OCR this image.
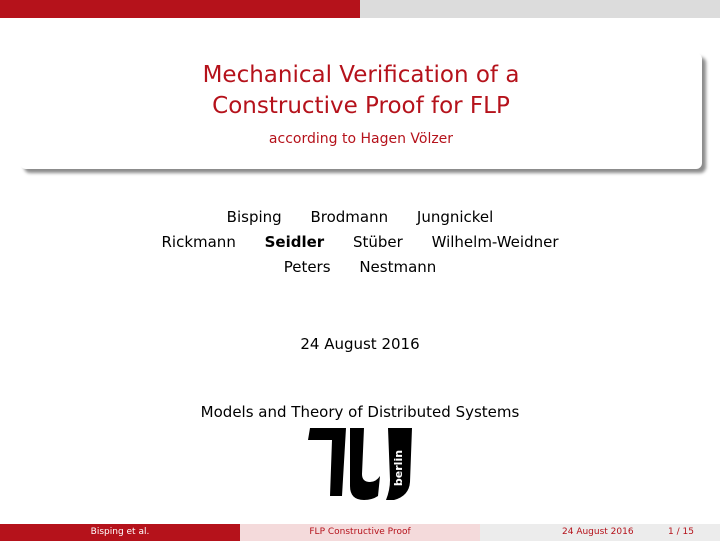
Mechanical Verification of a
Constructive Proof for FLP
according to Hagen Völzer
Bisping Brodmann Jungnickel
Rickmann Seidler Stüber Wilhelm-Weidner
Peters Nestmann
24 August 2016
Models and Theory of Distributed Systems
berlin
Bisping et al.	FLP Constructive Proof	24 August 2016	1 / 15
